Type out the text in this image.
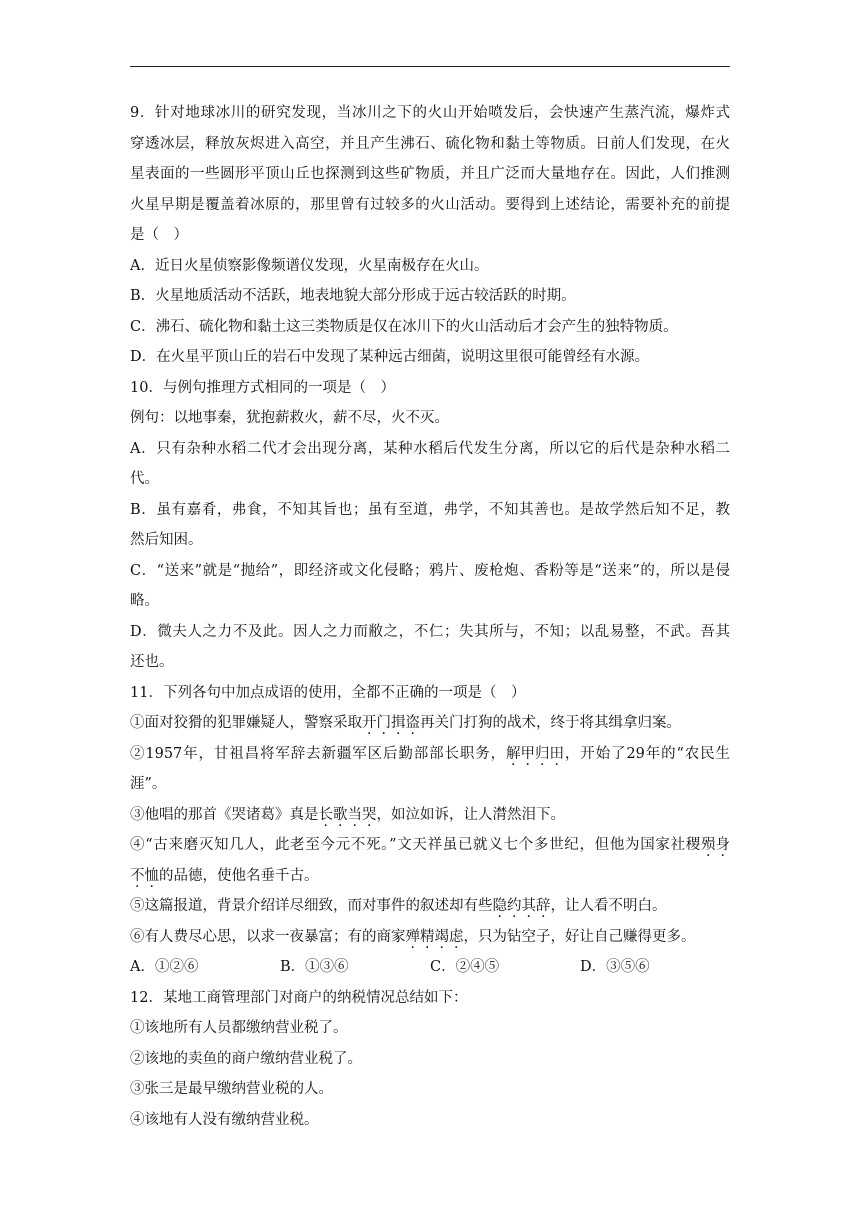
9．针对地球冰川的研究发现，当冰川之下的火山开始喷发后，会快速产生蒸汽流，爆炸式
穿透冰层，释放灰烬进入高空，并且产生沸石、硫化物和黏土等物质。日前人们发现，在火
星表面的一些圆形平顶山丘也探测到这些矿物质，并且广泛而大量地存在。因此，人们推测
火星早期是覆盖着冰原的，那里曾有过较多的火山活动。要得到上述结论，需要补充的前提
是（　）
A．近日火星侦察影像频谱仪发现，火星南极存在火山。
B．火星地质活动不活跃，地表地貌大部分形成于远古较活跃的时期。
C．沸石、硫化物和黏土这三类物质是仅在冰川下的火山活动后才会产生的独特物质。
D．在火星平顶山丘的岩石中发现了某种远古细菌，说明这里很可能曾经有水源。
10．与例句推理方式相同的一项是（　）
例句：以地事秦，犹抱薪救火，薪不尽，火不灭。
A．只有杂种水稻二代才会出现分离，某种水稻后代发生分离，所以它的后代是杂种水稻二
代。
B．虽有嘉肴，弗食，不知其旨也；虽有至道，弗学，不知其善也。是故学然后知不足，教
然后知困。
C．“送来”就是“抛给”，即经济或文化侵略；鸦片、废枪炮、香粉等是“送来”的，所以是侵
略。
D．微夫人之力不及此。因人之力而敝之，不仁；失其所与，不知；以乱易整，不武。吾其
还也。
11．下列各句中加点成语的使用，全都不正确的一项是（　）
①面对狡猾的犯罪嫌疑人，警察采取开门揖盗再关门打狗的战术，终于将其缉拿归案。
②1957年，甘祖昌将军辞去新疆军区后勤部部长职务，解甲归田，开始了29年的“农民生
涯”。
③他唱的那首《哭诸葛》真是长歌当哭，如泣如诉，让人潸然泪下。
④“古来磨灭知几人，此老至今元不死。”文天祥虽已就义七个多世纪，但他为国家社稷殒身
不恤的品德，使他名垂千古。
⑤这篇报道，背景介绍详尽细致，而对事件的叙述却有些隐约其辞，让人看不明白。
⑥有人费尽心思，以求一夜暴富；有的商家殚精竭虑，只为钻空子，好让自己赚得更多。
A．①②⑥	B．①③⑥	C．②④⑤	D．③⑤⑥
12．某地工商管理部门对商户的纳税情况总结如下：
①该地所有人员都缴纳营业税了。
②该地的卖鱼的商户缴纳营业税了。
③张三是最早缴纳营业税的人。
④该地有人没有缴纳营业税。
